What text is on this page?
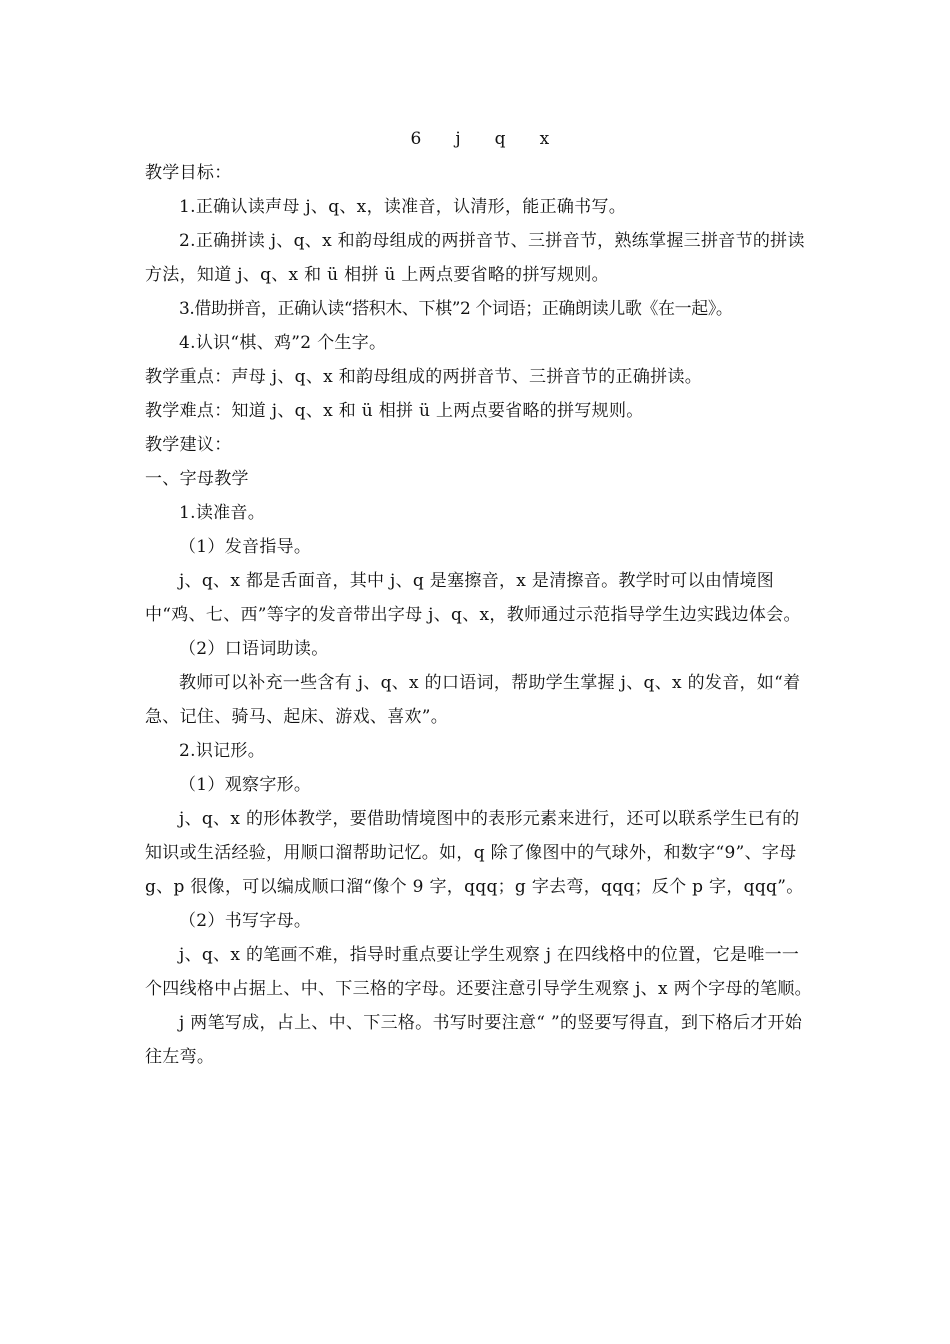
6 j q x

教学目标：

1.正确认读声母 j、q、x，读准音，认清形，能正确书写。

2.正确拼读 j、q、x 和韵母组成的两拼音节、三拼音节，熟练掌握三拼音节的拼读方法，知道 j、q、x 和 ü 相拼 ü 上两点要省略的拼写规则。

3.借助拼音，正确认读“搭积木、下棋”2 个词语；正确朗读儿歌《在一起》。

4.认识“棋、鸡”2 个生字。

教学重点：声母 j、q、x 和韵母组成的两拼音节、三拼音节的正确拼读。

教学难点：知道 j、q、x 和 ü 相拼 ü 上两点要省略的拼写规则。

教学建议：

一、字母教学

1.读准音。

（1）发音指导。

j、q、x 都是舌面音，其中 j、q 是塞擦音，x 是清擦音。教学时可以由情境图中“鸡、七、西”等字的发音带出字母 j、q、x，教师通过示范指导学生边实践边体会。

（2）口语词助读。

教师可以补充一些含有 j、q、x 的口语词，帮助学生掌握 j、q、x 的发音，如“着急、记住、骑马、起床、游戏、喜欢”。

2.识记形。

（1）观察字形。

j、q、x 的形体教学，要借助情境图中的表形元素来进行，还可以联系学生已有的知识或生活经验，用顺口溜帮助记忆。如，q 除了像图中的气球外，和数字“9”、字母 g、p 很像，可以编成顺口溜“像个 9 字，qqq；g 字去弯，qqq；反个 p 字，qqq”。

（2）书写字母。

j、q、x 的笔画不难，指导时重点要让学生观察 j 在四线格中的位置，它是唯一一个四线格中占据上、中、下三格的字母。还要注意引导学生观察 j、x 两个字母的笔顺。

j 两笔写成，占上、中、下三格。书写时要注意“ ”的竖要写得直，到下格后才开始往左弯。
